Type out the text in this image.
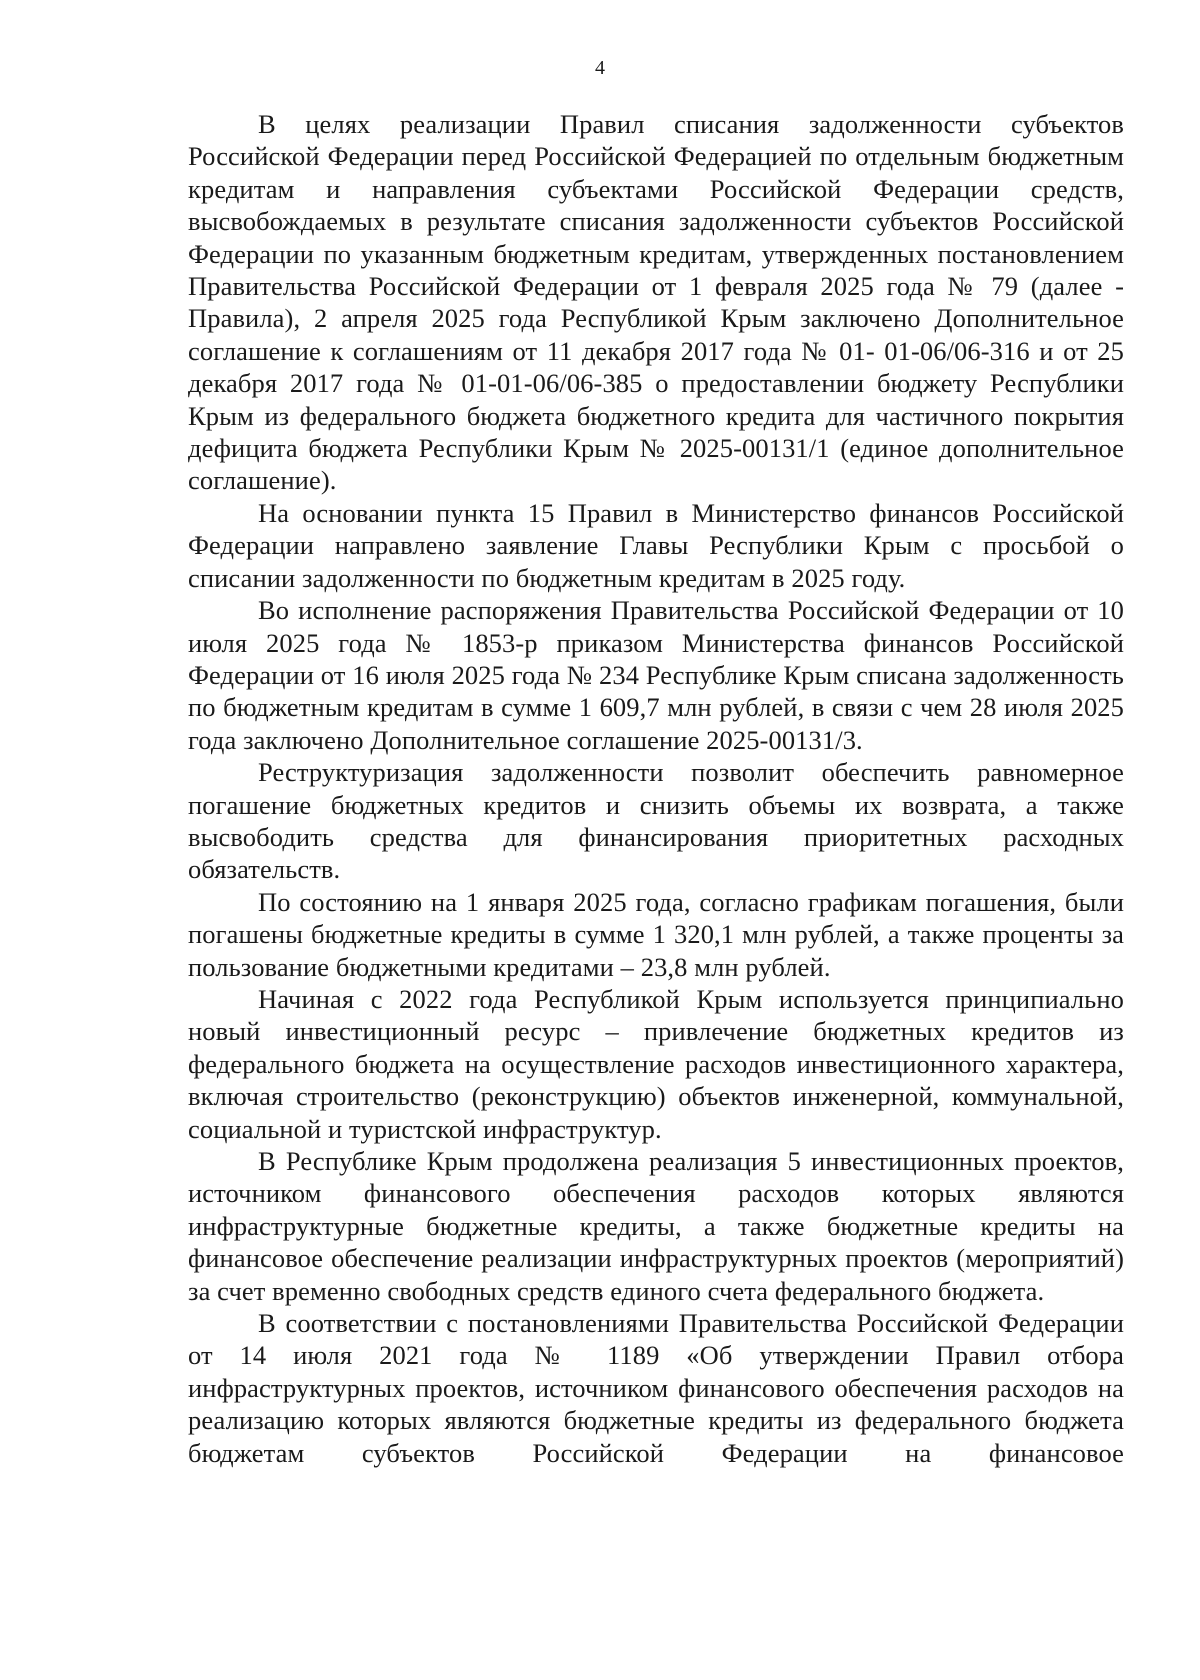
4

В целях реализации Правил списания задолженности субъектов Российской Федерации перед Российской Федерацией по отдельным бюджетным кредитам и направления субъектами Российской Федерации средств, высвобождаемых в результате списания задолженности субъектов Российской Федерации по указанным бюджетным кредитам, утвержденных постановлением Правительства Российской Федерации от 1 февраля 2025 года № 79 (далее - Правила), 2 апреля 2025 года Республикой Крым заключено Дополнительное соглашение к соглашениям от 11 декабря 2017 года № 01- 01-06/06-316 и от 25 декабря 2017 года № 01-01-06/06-385 о предоставлении бюджету Республики Крым из федерального бюджета бюджетного кредита для частичного покрытия дефицита бюджета Республики Крым № 2025-00131/1 (единое дополнительное соглашение).

На основании пункта 15 Правил в Министерство финансов Российской Федерации направлено заявление Главы Республики Крым с просьбой о списании задолженности по бюджетным кредитам в 2025 году.

Во исполнение распоряжения Правительства Российской Федерации от 10 июля 2025 года № 1853-р приказом Министерства финансов Российской Федерации от 16 июля 2025 года № 234 Республике Крым списана задолженность по бюджетным кредитам в сумме 1 609,7 млн рублей, в связи с чем 28 июля 2025 года заключено Дополнительное соглашение 2025-00131/3.

Реструктуризация задолженности позволит обеспечить равномерное погашение бюджетных кредитов и снизить объемы их возврата, а также высвободить средства для финансирования приоритетных расходных обязательств.

По состоянию на 1 января 2025 года, согласно графикам погашения, были погашены бюджетные кредиты в сумме 1 320,1 млн рублей, а также проценты за пользование бюджетными кредитами – 23,8 млн рублей.

Начиная с 2022 года Республикой Крым используется принципиально новый инвестиционный ресурс – привлечение бюджетных кредитов из федерального бюджета на осуществление расходов инвестиционного характера, включая строительство (реконструкцию) объектов инженерной, коммунальной, социальной и туристской инфраструктур.

В Республике Крым продолжена реализация 5 инвестиционных проектов, источником финансового обеспечения расходов которых являются инфраструктурные бюджетные кредиты, а также бюджетные кредиты на финансовое обеспечение реализации инфраструктурных проектов (мероприятий) за счет временно свободных средств единого счета федерального бюджета.

В соответствии с постановлениями Правительства Российской Федерации от 14 июля 2021 года № 1189 «Об утверждении Правил отбора инфраструктурных проектов, источником финансового обеспечения расходов на реализацию которых являются бюджетные кредиты из федерального бюджета бюджетам субъектов Российской Федерации на финансовое
